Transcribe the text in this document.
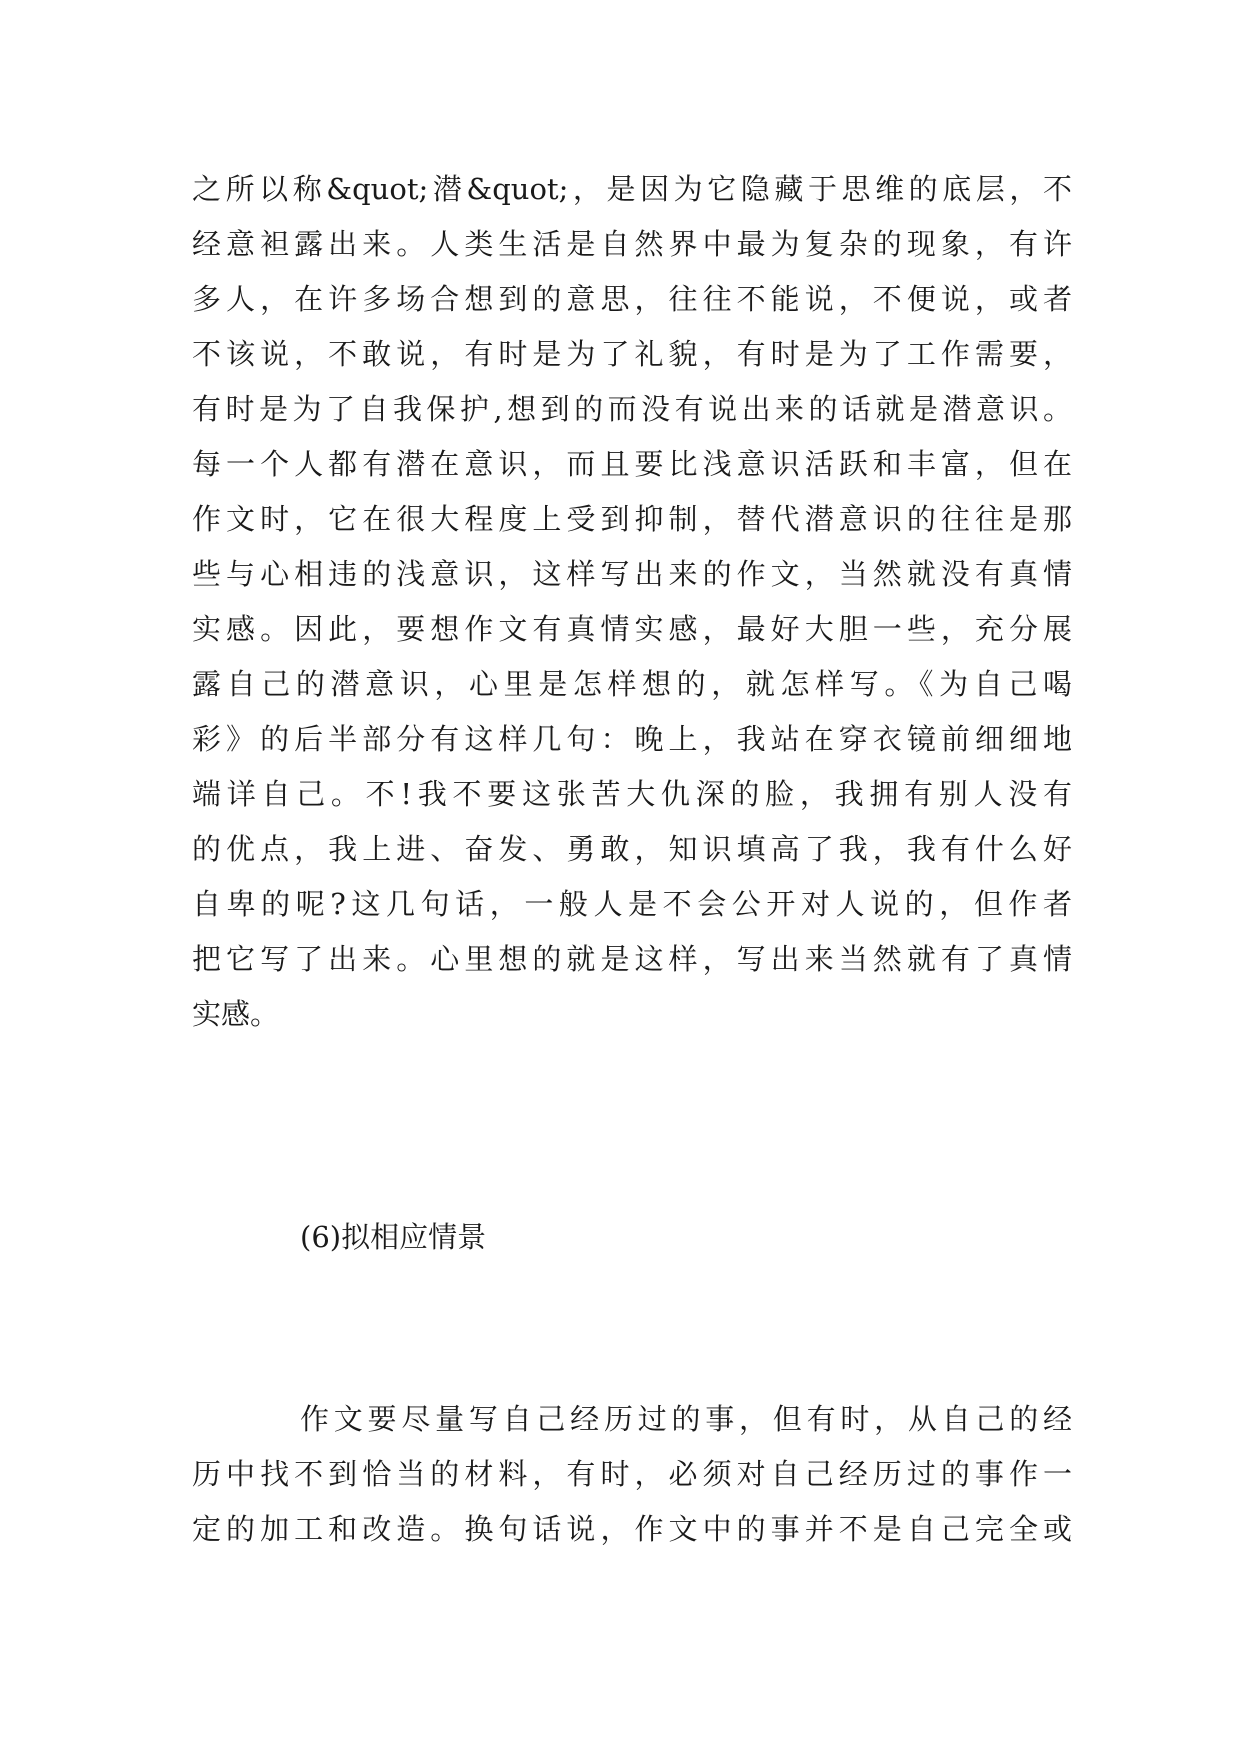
之所以称&quot;潜&quot;，是因为它隐藏于思维的底层，不
经意袒露出来。人类生活是自然界中最为复杂的现象，有许
多人，在许多场合想到的意思，往往不能说，不便说，或者
不该说，不敢说，有时是为了礼貌，有时是为了工作需要，
有时是为了自我保护,想到的而没有说出来的话就是潜意识。
每一个人都有潜在意识，而且要比浅意识活跃和丰富，但在
作文时，它在很大程度上受到抑制，替代潜意识的往往是那
些与心相违的浅意识，这样写出来的作文，当然就没有真情
实感。因此，要想作文有真情实感，最好大胆一些，充分展
露自己的潜意识，心里是怎样想的，就怎样写。《为自己喝
彩》的后半部分有这样几句：晚上，我站在穿衣镜前细细地
端详自己。不!我不要这张苦大仇深的脸，我拥有别人没有
的优点，我上进、奋发、勇敢，知识填高了我，我有什么好
自卑的呢?这几句话，一般人是不会公开对人说的，但作者
把它写了出来。心里想的就是这样，写出来当然就有了真情
实感。
(6)拟相应情景
作文要尽量写自己经历过的事，但有时，从自己的经
历中找不到恰当的材料，有时，必须对自己经历过的事作一
定的加工和改造。换句话说，作文中的事并不是自己完全或
